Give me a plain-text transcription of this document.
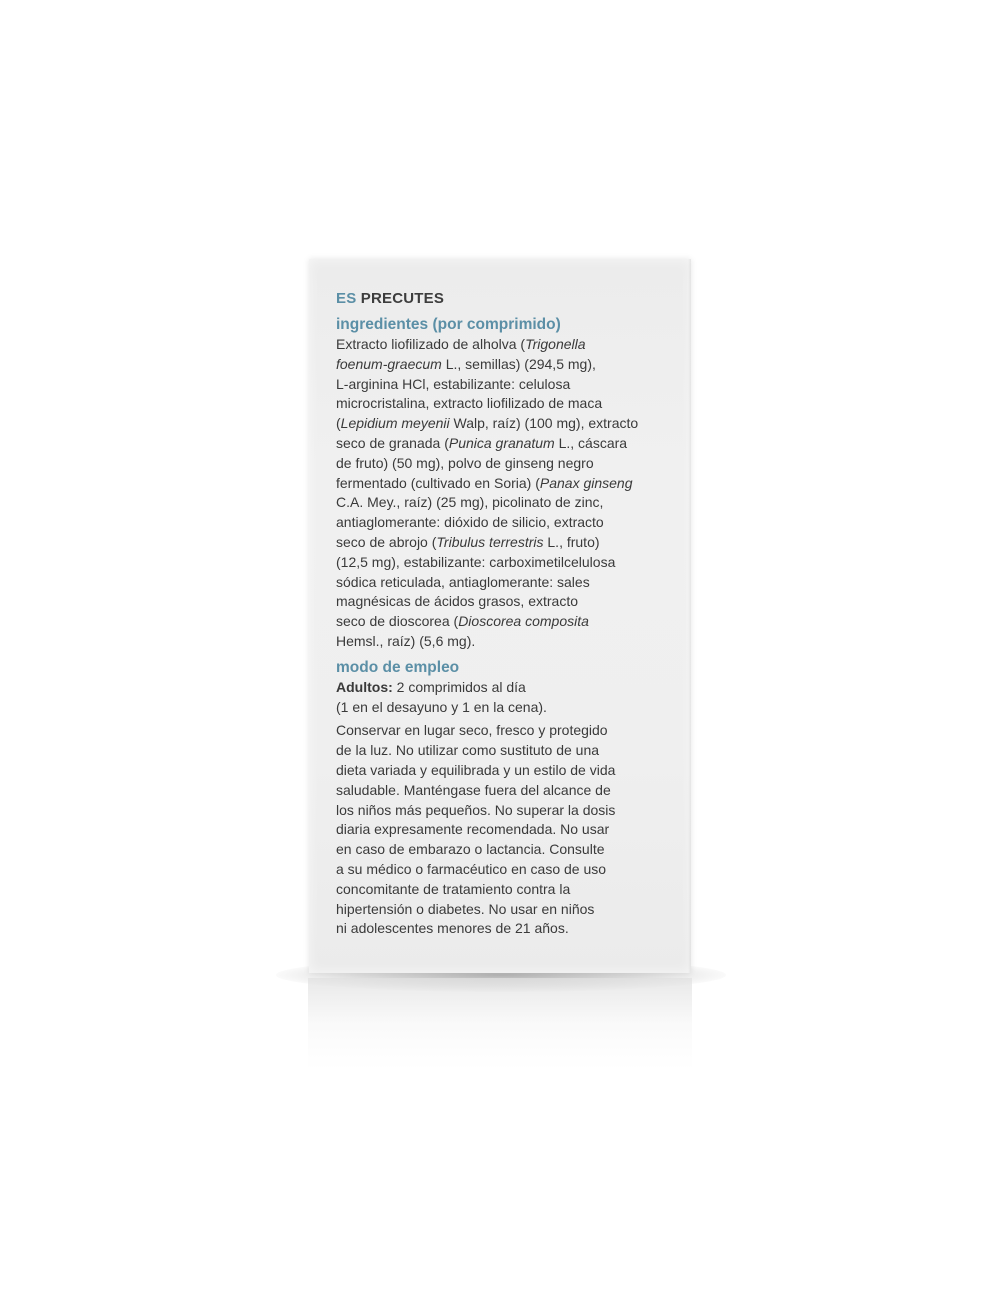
ES PRECUTES
ingredientes (por comprimido)
Extracto liofilizado de alholva (Trigonella
foenum-graecum L., semillas) (294,5 mg),
L-arginina HCl, estabilizante: celulosa
microcristalina, extracto liofilizado de maca
(Lepidium meyenii Walp, raíz) (100 mg), extracto
seco de granada (Punica granatum L., cáscara
de fruto) (50 mg), polvo de ginseng negro
fermentado (cultivado en Soria) (Panax ginseng
C.A. Mey., raíz) (25 mg), picolinato de zinc,
antiaglomerante: dióxido de silicio, extracto
seco de abrojo (Tribulus terrestris L., fruto)
(12,5 mg), estabilizante: carboximetilcelulosa
sódica reticulada, antiaglomerante: sales
magnésicas de ácidos grasos, extracto
seco de dioscorea (Dioscorea composita
Hemsl., raíz) (5,6 mg).
modo de empleo
Adultos: 2 comprimidos al día
(1 en el desayuno y 1 en la cena).
Conservar en lugar seco, fresco y protegido
de la luz. No utilizar como sustituto de una
dieta variada y equilibrada y un estilo de vida
saludable. Manténgase fuera del alcance de
los niños más pequeños. No superar la dosis
diaria expresamente recomendada. No usar
en caso de embarazo o lactancia. Consulte
a su médico o farmacéutico en caso de uso
concomitante de tratamiento contra la
hipertensión o diabetes. No usar en niños
ni adolescentes menores de 21 años.
